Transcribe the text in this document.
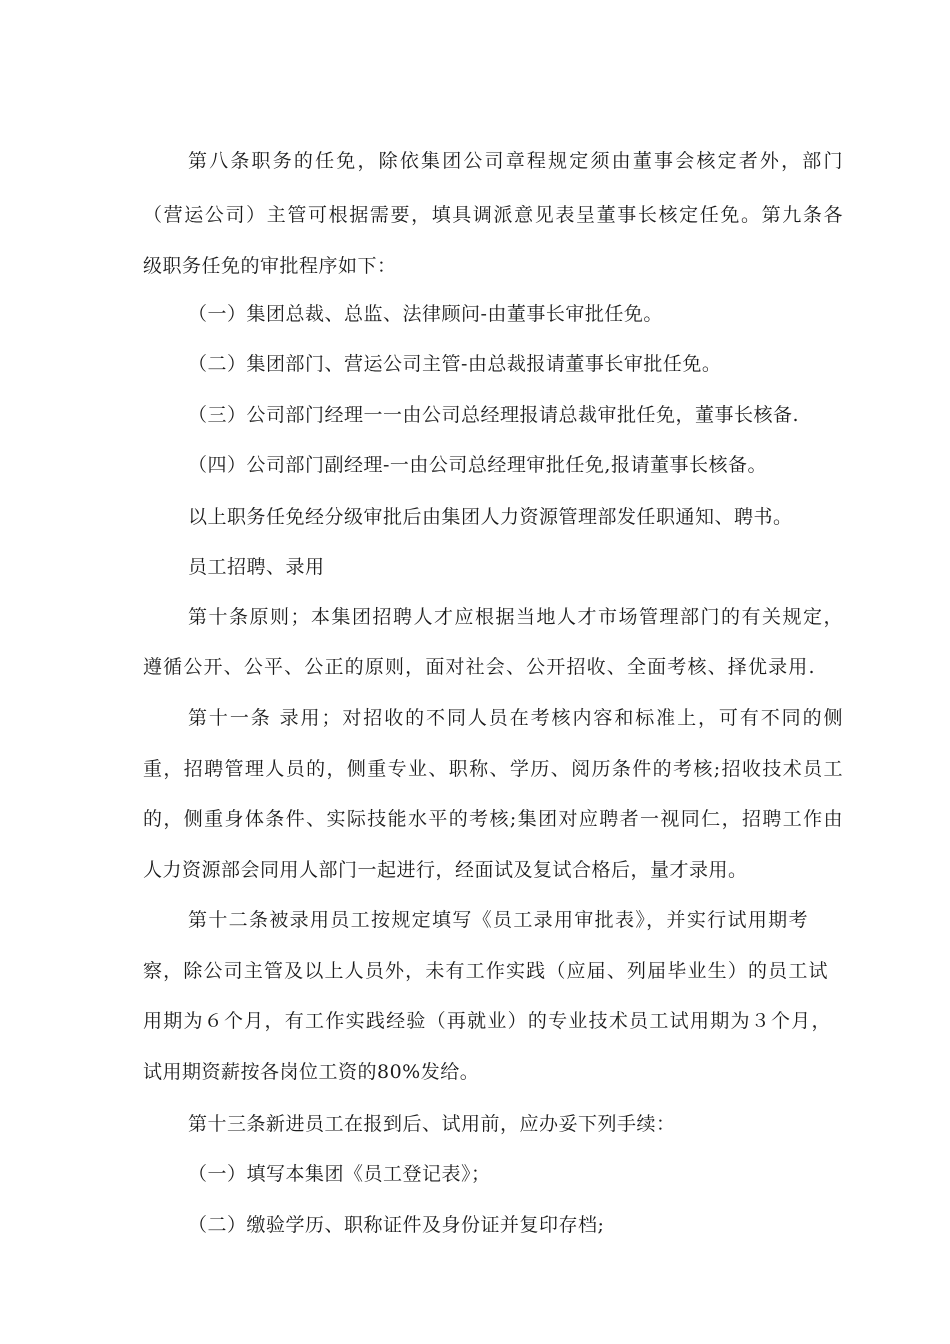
第八条职务的任免，除依集团公司章程规定须由董事会核定者外，部门
（营运公司）主管可根据需要，填具调派意见表呈董事长核定任免。第九条各
级职务任免的审批程序如下：
（一）集团总裁、总监、法律顾问-由董事长审批任免。
（二）集团部门、营运公司主管-由总裁报请董事长审批任免。
（三）公司部门经理一一由公司总经理报请总裁审批任免，董事长核备.
（四）公司部门副经理-一由公司总经理审批任免,报请董事长核备。
以上职务任免经分级审批后由集团人力资源管理部发任职通知、聘书。
员工招聘、录用
第十条原则；本集团招聘人才应根据当地人才市场管理部门的有关规定，
遵循公开、公平、公正的原则，面对社会、公开招收、全面考核、择优录用.
第十一条 录用；对招收的不同人员在考核内容和标准上，可有不同的侧
重，招聘管理人员的，侧重专业、职称、学历、阅历条件的考核;招收技术员工
的，侧重身体条件、实际技能水平的考核;集团对应聘者一视同仁，招聘工作由
人力资源部会同用人部门一起进行，经面试及复试合格后，量才录用。
第十二条被录用员工按规定填写《员工录用审批表》，并实行试用期考
察，除公司主管及以上人员外，未有工作实践（应届、列届毕业生）的员工试
用期为６个月，有工作实践经验（再就业）的专业技术员工试用期为３个月，
试用期资薪按各岗位工资的80%发给。
第十三条新进员工在报到后、试用前，应办妥下列手续：
（一）填写本集团《员工登记表》；
（二）缴验学历、职称证件及身份证并复印存档;
